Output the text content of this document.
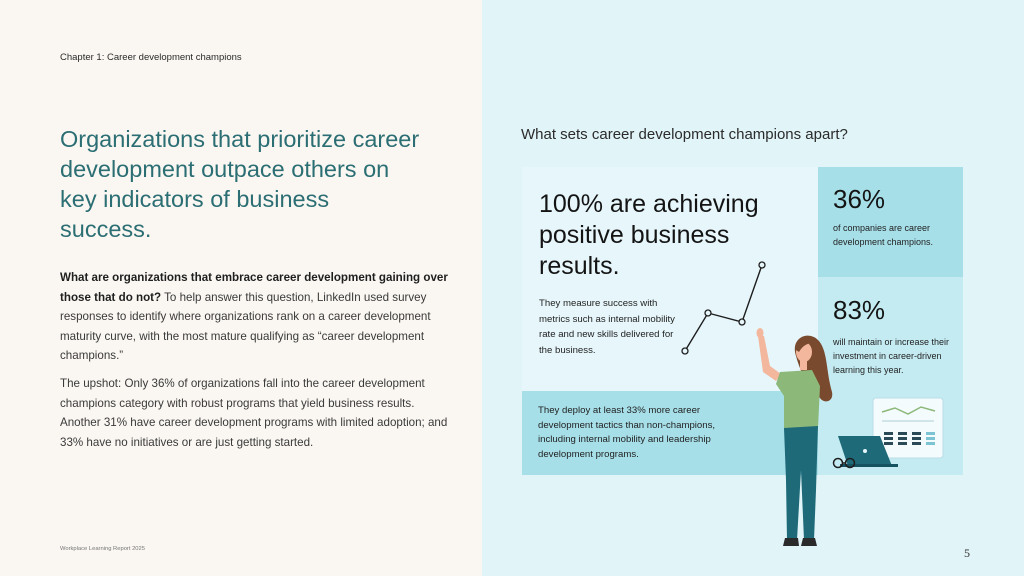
Chapter 1: Career development champions
Organizations that prioritize career development outpace others on key indicators of business success.

What are organizations that embrace career development gaining over those that do not? To help answer this question, LinkedIn used survey responses to identify where organizations rank on a career development maturity curve, with the most mature qualifying as “career development champions.”

The upshot: Only 36% of organizations fall into the career development champions category with robust programs that yield business results. Another 31% have career development programs with limited adoption; and 33% have no initiatives or are just getting started.

Workplace Learning Report 2025
What sets career development champions apart?
100% are achieving positive business results.

They measure success with metrics such as internal mobility rate and new skills delivered for the business.

36%

of companies are career development champions.

83%

will maintain or increase their investment in career-driven learning this year.

They deploy at least 33% more career development tactics than non-champions, including internal mobility and leadership development programs.

5
